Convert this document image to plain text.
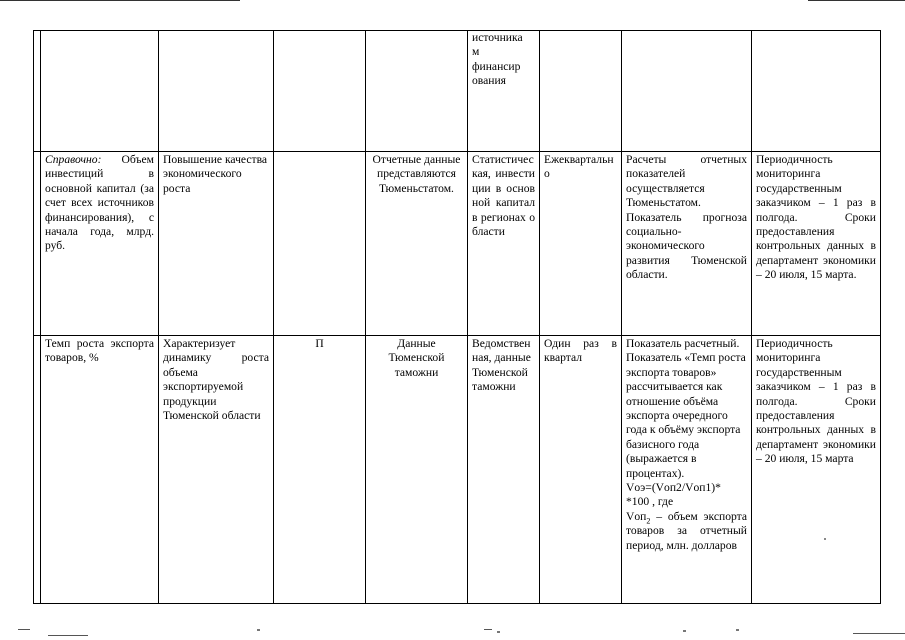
					источника
м
финансир
ования			
	Справочно: Объем инвестиций в основной капитал (за счет всех источников финансирования), с начала года, млрд. руб.	Повышение качества экономического роста		Отчетные данные представляются Тюменьстатом.	Статистическая, инвестиции в основной капитал в регионах области	Ежеквартально	Расчеты отчетных показателей осуществляется Тюменьстатом. Показатель прогноза социально-экономического развития Тюменской области.	Периодичность мониторинга государственным заказчиком – 1 раз в полгода. Сроки предоставления контрольных данных в департамент экономики – 20 июля, 15 марта.
	Темп роста экспорта товаров, %	Характеризует динамику роста объема экспортируемой продукции Тюменской области	П	Данные Тюменской таможни	Ведомственная, данные Тюменской таможни	Один раз в квартал	Показатель расчетный. Показатель «Темп роста экспорта товаров» рассчитывается как отношение объёма экспорта очередного года к объёму экспорта базисного года (выражается в процентах).
Vоэ=(Vоп2/Vоп1)*
*100 , где
Vоп$_2$ – объем экспорта товаров за отчетный период, млн. долларов	Периодичность мониторинга государственным заказчиком – 1 раз в полгода. Сроки предоставления контрольных данных в департамент экономики – 20 июля, 15 марта
